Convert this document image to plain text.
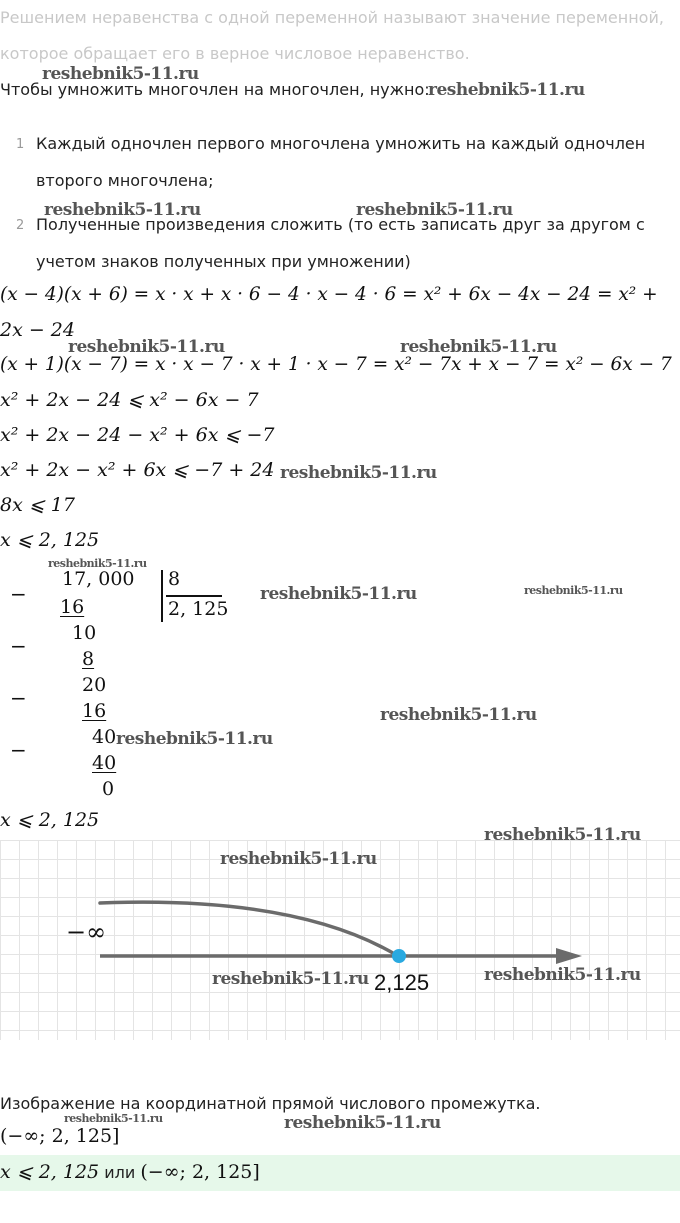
Решением неравенства с одной переменной называют значение переменной,
которое обращает его в верное числовое неравенство.
Чтобы умножить многочлен на многочлен, нужно:
1 Каждый одночлен первого многочлена умножить на каждый одночлен
второго многочлена;
2 Полученные произведения сложить (то есть записать друг за другом с
учетом знаков полученных при умножении)
(x − 4)(x + 6) = x · x + x · 6 − 4 · x − 4 · 6 = x² + 6x − 4x − 24 = x² +
2x − 24
(x + 1)(x − 7) = x · x − 7 · x + 1 · x − 7 = x² − 7x + x − 7 = x² − 6x − 7
x² + 2x − 24 ⩽ x² − 6x − 7
x² + 2x − 24 − x² + 6x ⩽ −7
x² + 2x − x² + 6x ⩽ −7 + 24
8x ⩽ 17
x ⩽ 2, 125
−
−
−
−
17, 000 8
2, 125
16
10
8
20
16
40
40
0
x ⩽ 2, 125
−∞
2,125
Изображение на координатной прямой числового промежутка.
(−∞; 2, 125]
x ⩽ 2, 125 или (−∞; 2, 125]
reshebnik5-11.ru
reshebnik5-11.ru
reshebnik5-11.ru	reshebnik5-11.ru
reshebnik5-11.ru	reshebnik5-11.ru
reshebnik5-11.ru
reshebnik5-11.ru
reshebnik5-11.ru	reshebnik5-11.ru
reshebnik5-11.ru
reshebnik5-11.ru
reshebnik5-11.ru
reshebnik5-11.ru
reshebnik5-11.ru	reshebnik5-11.ru
reshebnik5-11.ru	reshebnik5-11.ru
